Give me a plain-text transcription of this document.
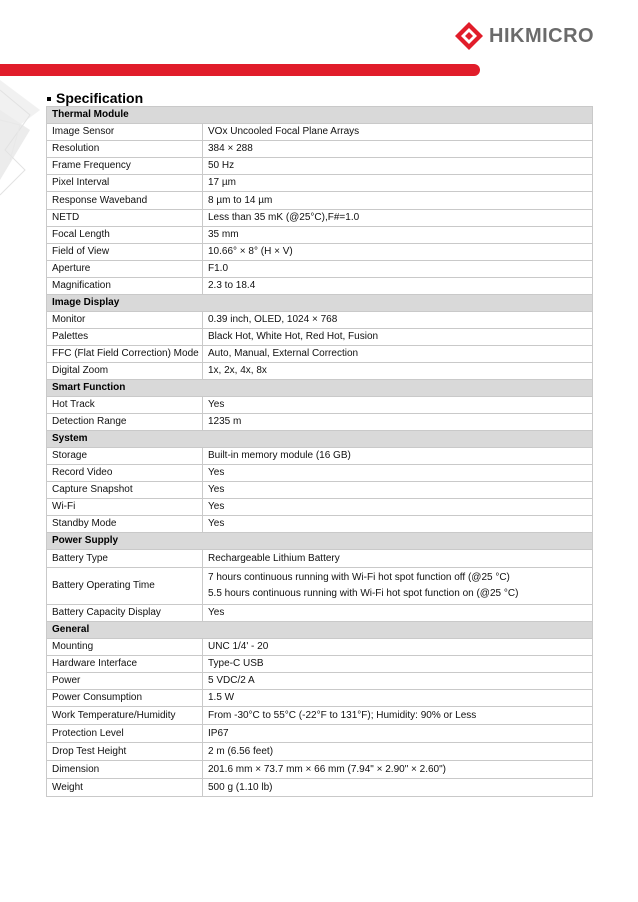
HIKMICRO
Specification
Thermal Module	
Image Sensor	VOx Uncooled Focal Plane Arrays
Resolution	384 × 288
Frame Frequency	50 Hz
Pixel Interval	17 µm
Response Waveband	8 µm to 14 µm
NETD	Less than 35 mK (@25°C),F#=1.0
Focal Length	35 mm
Field of View	10.66° × 8° (H × V)
Aperture	F1.0
Magnification	2.3 to 18.4
Image Display	
Monitor	0.39 inch, OLED, 1024 × 768
Palettes	Black Hot, White Hot, Red Hot, Fusion
FFC (Flat Field Correction) Mode	Auto, Manual, External Correction
Digital Zoom	1x, 2x, 4x, 8x
Smart Function	
Hot Track	Yes
Detection Range	1235 m
System	
Storage	Built-in memory module (16 GB)
Record Video	Yes
Capture Snapshot	Yes
Wi-Fi	Yes
Standby Mode	Yes
Power Supply	
Battery Type	Rechargeable Lithium Battery
Battery Operating Time	7 hours continuous running with Wi-Fi hot spot function off (@25 °C)
5.5 hours continuous running with Wi-Fi hot spot function on (@25 °C)

Battery Capacity Display	Yes
General	
Mounting	UNC 1/4' - 20
Hardware Interface	Type-C USB
Power	5 VDC/2 A
Power Consumption	1.5 W
Work Temperature/Humidity	From -30°C to 55°C (-22°F to 131°F); Humidity: 90% or Less
Protection Level	IP67
Drop Test Height	2 m (6.56 feet)
Dimension	201.6 mm × 73.7 mm × 66 mm (7.94" × 2.90" × 2.60")
Weight	500 g (1.10 lb)
